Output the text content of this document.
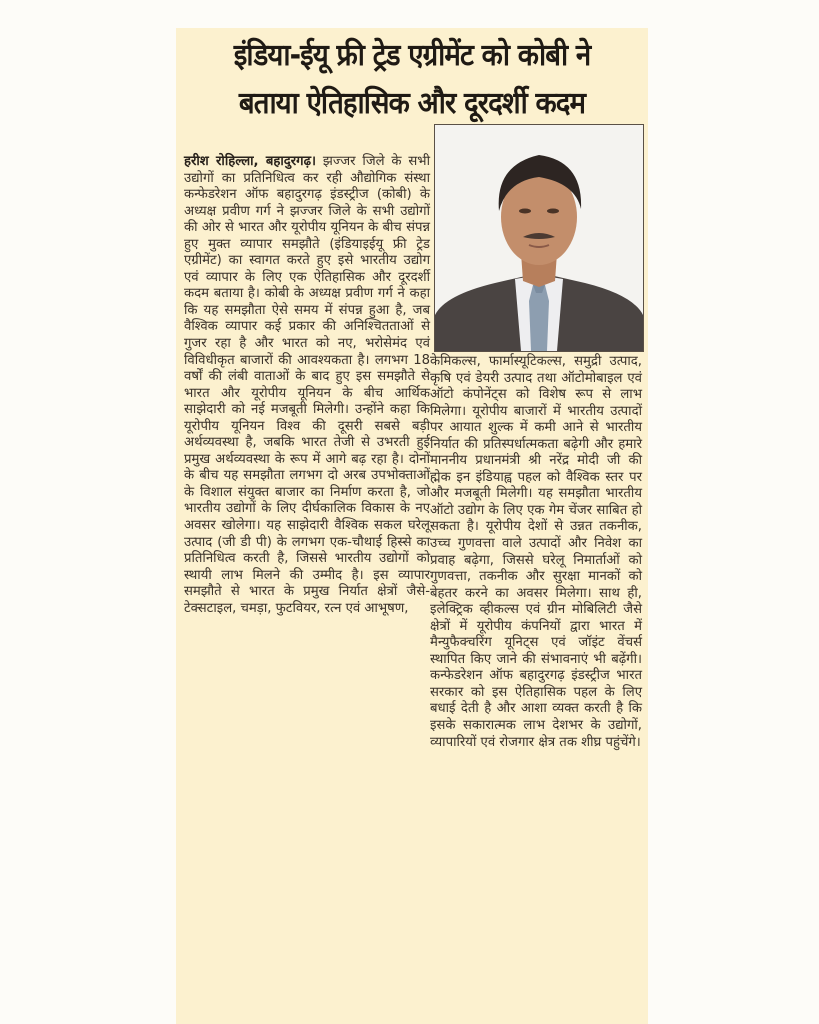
इंडिया-ईयू फ्री ट्रेड एग्रीमेंट को कोबी ने
बताया ऐतिहासिक और दूरदर्शी कदम
हरीश रोहिल्ला, बहादुरगढ़। झज्जर जिले के सभी उद्योगों का प्रतिनिधित्व कर रही औद्योगिक संस्था कन्फेडरेशन ऑफ बहादुरगढ़ इंडस्ट्रीज (कोबी) के अध्यक्ष प्रवीण गर्ग ने झज्जर जिले के सभी उद्योगों की ओर से भारत और यूरोपीय यूनियन के बीच संपन्न हुए मुक्त व्यापार समझौते (इंडियाइईयू फ्री ट्रेड एग्रीमेंट) का स्वागत करते हुए इसे भारतीय उद्योग एवं व्यापार के लिए एक ऐतिहासिक और दूरदर्शी कदम बताया है। कोबी के अध्यक्ष प्रवीण गर्ग ने कहा कि यह समझौता ऐसे समय में संपन्न हुआ है, जब वैश्विक व्यापार कई प्रकार की अनिश्चितताओं से गुजर रहा है और भारत को नए, भरोसेमंद एवं विविधीकृत बाजारों की आवश्यकता है। लगभग 18 वर्षों की लंबी वाताओं के बाद हुए इस समझौते से भारत और यूरोपीय यूनियन के बीच आर्थिक साझेदारी को नई मजबूती मिलेगी। उन्होंने कहा कि यूरोपीय यूनियन विश्व की दूसरी सबसे बड़ी अर्थव्यवस्था है, जबकि भारत तेजी से उभरती हुई प्रमुख अर्थव्यवस्था के रूप में आगे बढ़ रहा है। दोनों के बीच यह समझौता लगभग दो अरब उपभोक्ताओं के विशाल संयुक्त बाजार का निर्माण करता है, जो भारतीय उद्योगों के लिए दीर्घकालिक विकास के नए अवसर खोलेगा। यह साझेदारी वैश्विक सकल घरेलू उत्पाद (जी डी पी) के लगभग एक-चौथाई हिस्से का प्रतिनिधित्व करती है, जिससे भारतीय उद्योगों को स्थायी लाभ मिलने की उम्मीद है। इस व्यापार समझौते से भारत के प्रमुख निर्यात क्षेत्रों जैसे-टेक्सटाइल, चमड़ा, फुटवियर, रत्न एवं आभूषण,
केमिकल्स, फार्मास्यूटिकल्स, समुद्री उत्पाद, कृषि एवं डेयरी उत्पाद तथा ऑटोमोबाइल एवं ऑटो कंपोनेंट्स को विशेष रूप से लाभ मिलेगा। यूरोपीय बाजारों में भारतीय उत्पादों पर आयात शुल्क में कमी आने से भारतीय निर्यात की प्रतिस्पर्धात्मकता बढ़ेगी और हमारे माननीय प्रधानमंत्री श्री नरेंद्र मोदी जी की ह्मेक इन इंडियाह्व पहल को वैश्विक स्तर पर और मजबूती मिलेगी। यह समझौता भारतीय ऑटो उद्योग के लिए एक गेम चेंजर साबित हो सकता है। यूरोपीय देशों से उन्नत तकनीक, उच्च गुणवत्ता वाले उत्पादों और निवेश का प्रवाह बढ़ेगा, जिससे घरेलू निमार्ताओं को गुणवत्ता, तकनीक और सुरक्षा मानकों को बेहतर करने का अवसर मिलेगा। साथ ही, इलेक्ट्रिक व्हीकल्स एवं ग्रीन मोबिलिटी जैसे क्षेत्रों में यूरोपीय कंपनियों द्वारा भारत में मैन्युफैक्चरिंग यूनिट्स एवं जॉइंट वेंचर्स स्थापित किए जाने की संभावनाएं भी बढ़ेंगी। कन्फेडरेशन ऑफ बहादुरगढ़ इंडस्ट्रीज भारत सरकार को इस ऐतिहासिक पहल के लिए बधाई देती है और आशा व्यक्त करती है कि इसके सकारात्मक लाभ देशभर के उद्योगों, व्यापारियों एवं रोजगार क्षेत्र तक शीघ्र पहुंचेंगे।
